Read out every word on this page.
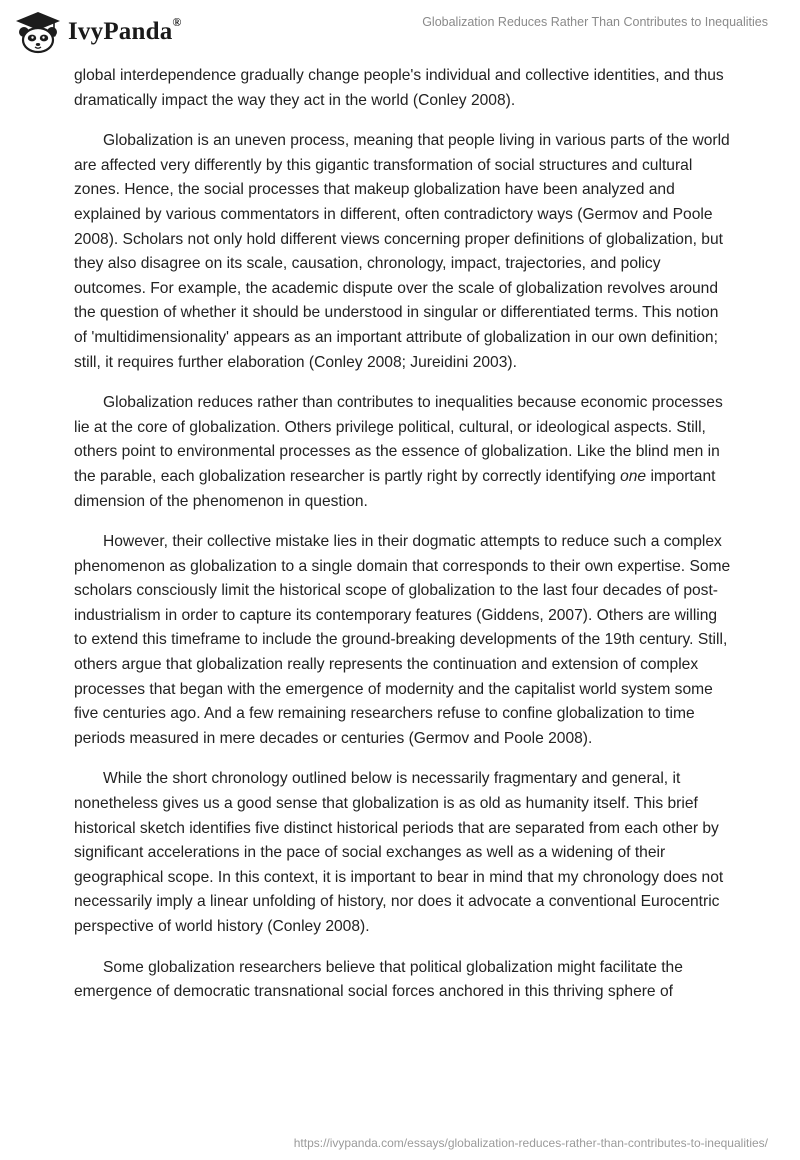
IvyPanda®	Globalization Reduces Rather Than Contributes to Inequalities

global interdependence gradually change people's individual and collective identities, and thus dramatically impact the way they act in the world (Conley 2008).

Globalization is an uneven process, meaning that people living in various parts of the world are affected very differently by this gigantic transformation of social structures and cultural zones. Hence, the social processes that makeup globalization have been analyzed and explained by various commentators in different, often contradictory ways (Germov and Poole 2008). Scholars not only hold different views concerning proper definitions of globalization, but they also disagree on its scale, causation, chronology, impact, trajectories, and policy outcomes. For example, the academic dispute over the scale of globalization revolves around the question of whether it should be understood in singular or differentiated terms. This notion of 'multidimensionality' appears as an important attribute of globalization in our own definition; still, it requires further elaboration (Conley 2008; Jureidini 2003).

Globalization reduces rather than contributes to inequalities because economic processes lie at the core of globalization. Others privilege political, cultural, or ideological aspects. Still, others point to environmental processes as the essence of globalization. Like the blind men in the parable, each globalization researcher is partly right by correctly identifying one important dimension of the phenomenon in question.

However, their collective mistake lies in their dogmatic attempts to reduce such a complex phenomenon as globalization to a single domain that corresponds to their own expertise. Some scholars consciously limit the historical scope of globalization to the last four decades of post-industrialism in order to capture its contemporary features (Giddens, 2007). Others are willing to extend this timeframe to include the ground-breaking developments of the 19th century. Still, others argue that globalization really represents the continuation and extension of complex processes that began with the emergence of modernity and the capitalist world system some five centuries ago. And a few remaining researchers refuse to confine globalization to time periods measured in mere decades or centuries (Germov and Poole 2008).

While the short chronology outlined below is necessarily fragmentary and general, it nonetheless gives us a good sense that globalization is as old as humanity itself. This brief historical sketch identifies five distinct historical periods that are separated from each other by significant accelerations in the pace of social exchanges as well as a widening of their geographical scope. In this context, it is important to bear in mind that my chronology does not necessarily imply a linear unfolding of history, nor does it advocate a conventional Eurocentric perspective of world history (Conley 2008).

Some globalization researchers believe that political globalization might facilitate the emergence of democratic transnational social forces anchored in this thriving sphere of

https://ivypanda.com/essays/globalization-reduces-rather-than-contributes-to-inequalities/
